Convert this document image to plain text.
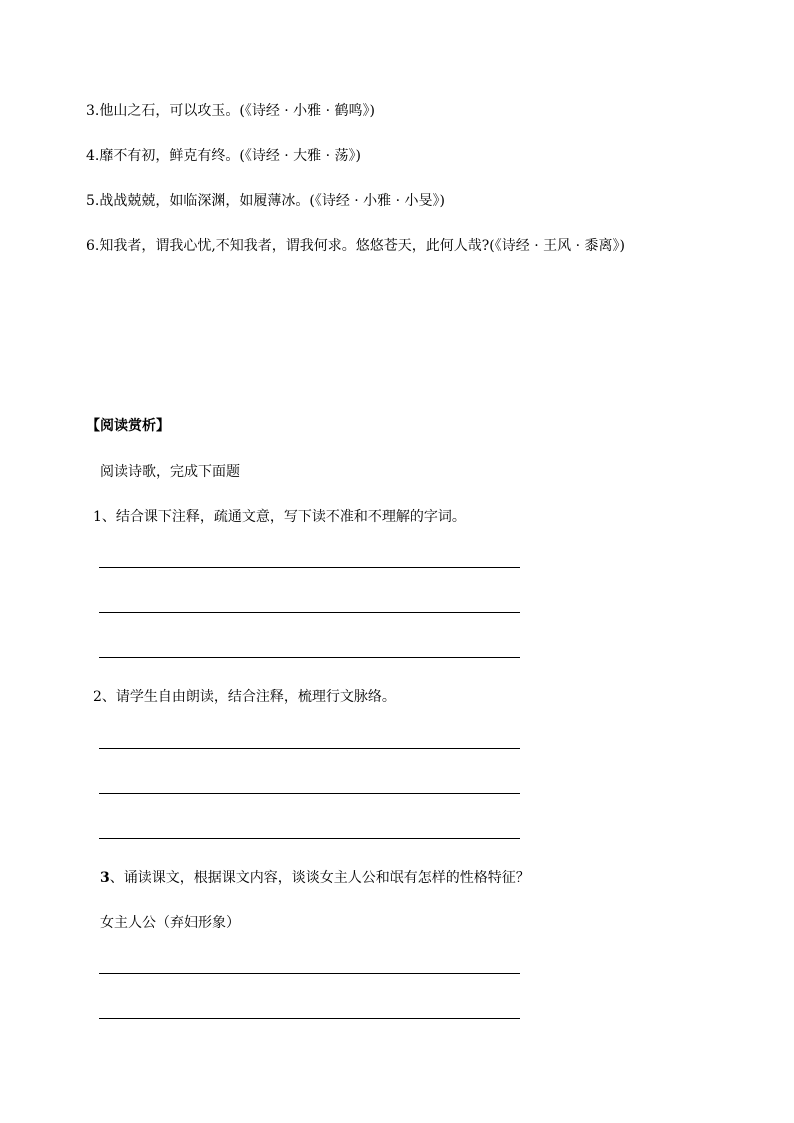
3.他山之石，可以攻玉。(《诗经 · 小雅 · 鹤鸣》)
4.靡不有初，鲜克有终。(《诗经 · 大雅 · 荡》)
5.战战兢兢，如临深渊，如履薄冰。(《诗经 · 小雅 · 小旻》)
6.知我者，谓我心忧,不知我者，谓我何求。悠悠苍天，此何人哉?(《诗经 · 王风 · 黍离》)
【阅读赏析】
阅读诗歌，完成下面题
1、结合课下注释，疏通文意，写下读不准和不理解的字词。
2、请学生自由朗读，结合注释，梳理行文脉络。
3、诵读课文，根据课文内容，谈谈女主人公和氓有怎样的性格特征？
女主人公（弃妇形象）
